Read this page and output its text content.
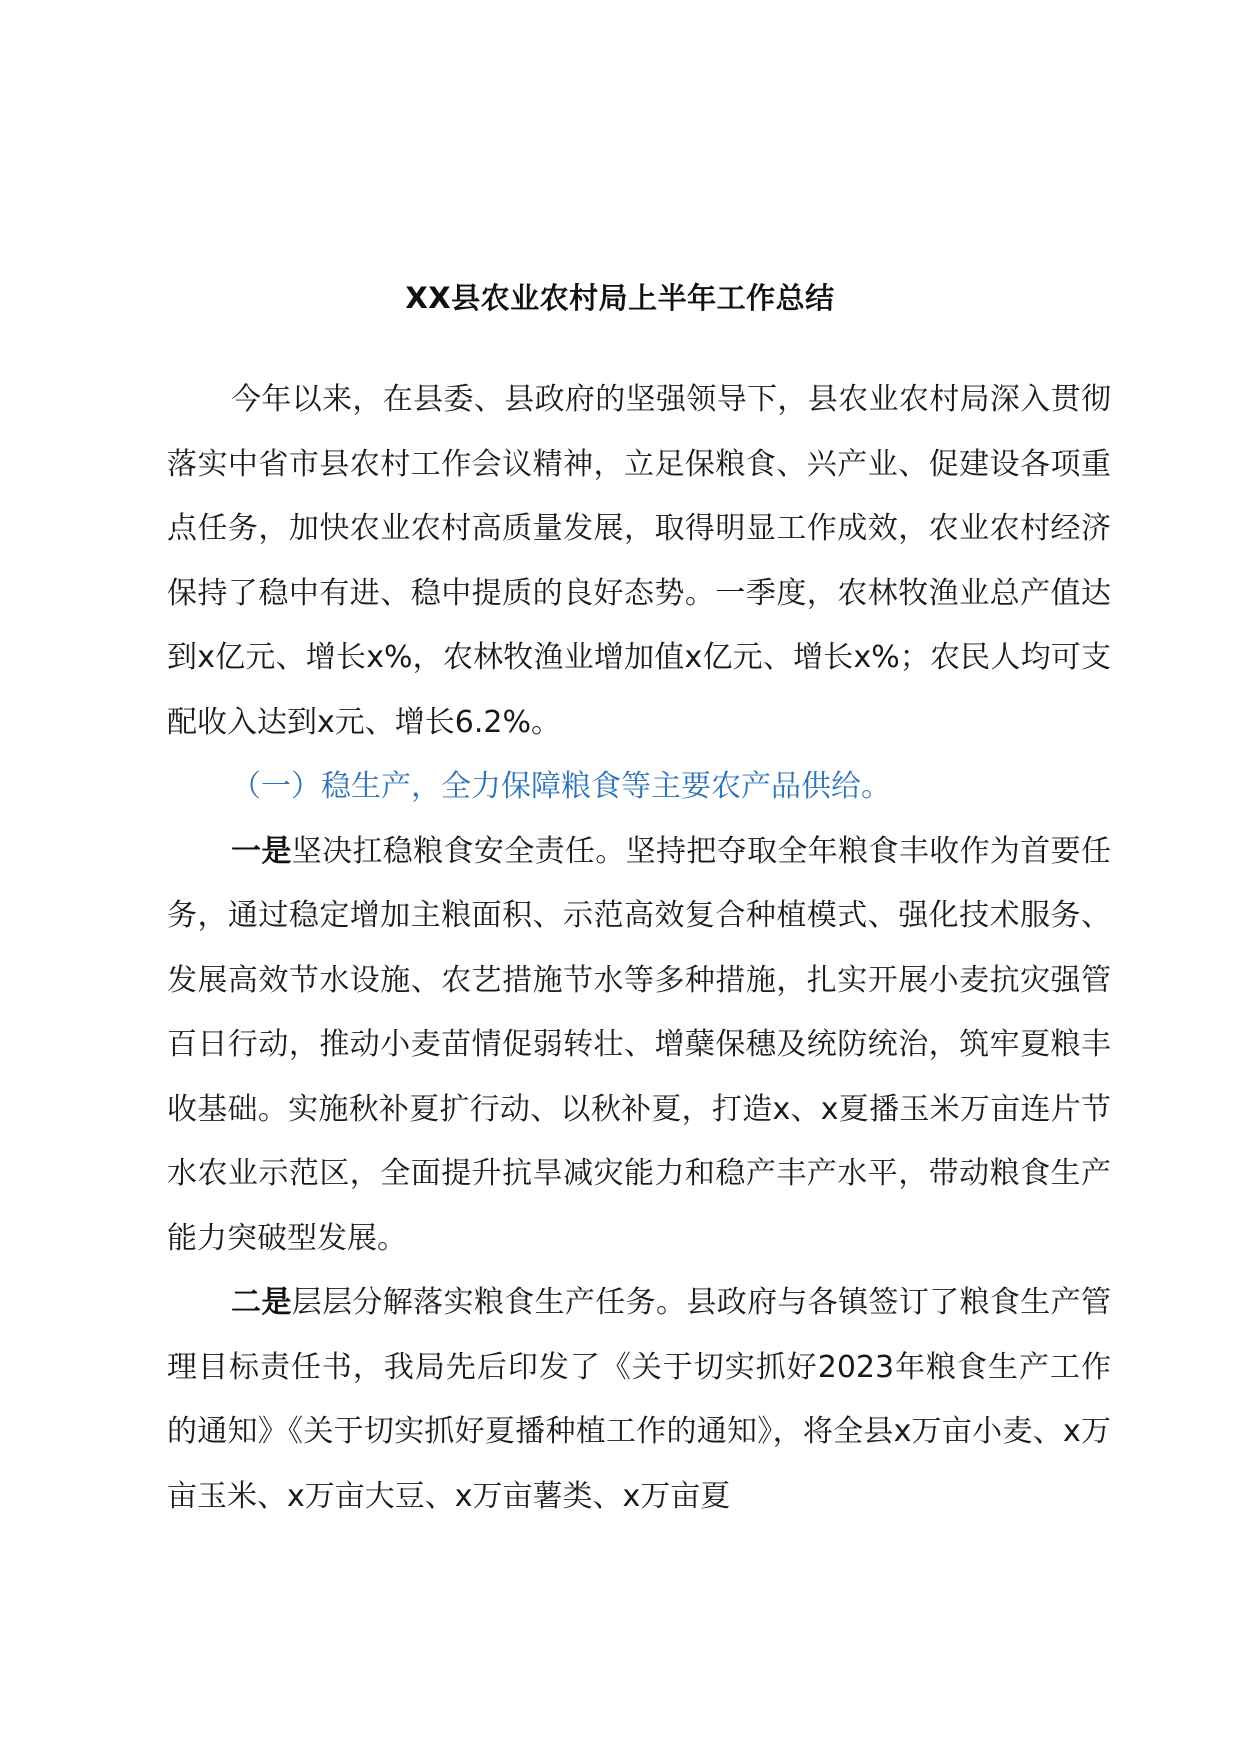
XX县农业农村局上半年工作总结

今年以来，在县委、县政府的坚强领导下，县农业农村局深入贯彻落实中省市县农村工作会议精神，立足保粮食、兴产业、促建设各项重点任务，加快农业农村高质量发展，取得明显工作成效，农业农村经济保持了稳中有进、稳中提质的良好态势。一季度，农林牧渔业总产值达到x亿元、增长x%，农林牧渔业增加值x亿元、增长x%；农民人均可支配收入达到x元、增长6.2%。

（一）稳生产，全力保障粮食等主要农产品供给。

一是坚决扛稳粮食安全责任。坚持把夺取全年粮食丰收作为首要任务，通过稳定增加主粮面积、示范高效复合种植模式、强化技术服务、发展高效节水设施、农艺措施节水等多种措施，扎实开展小麦抗灾强管百日行动，推动小麦苗情促弱转壮、增蘖保穗及统防统治，筑牢夏粮丰收基础。实施秋补夏扩行动、以秋补夏，打造x、x夏播玉米万亩连片节水农业示范区，全面提升抗旱减灾能力和稳产丰产水平，带动粮食生产能力突破型发展。

二是层层分解落实粮食生产任务。县政府与各镇签订了粮食生产管理目标责任书，我局先后印发了《关于切实抓好2023年粮食生产工作的通知》《关于切实抓好夏播种植工作的通知》，将全县x万亩小麦、x万亩玉米、x万亩大豆、x万亩薯类、x万亩夏
